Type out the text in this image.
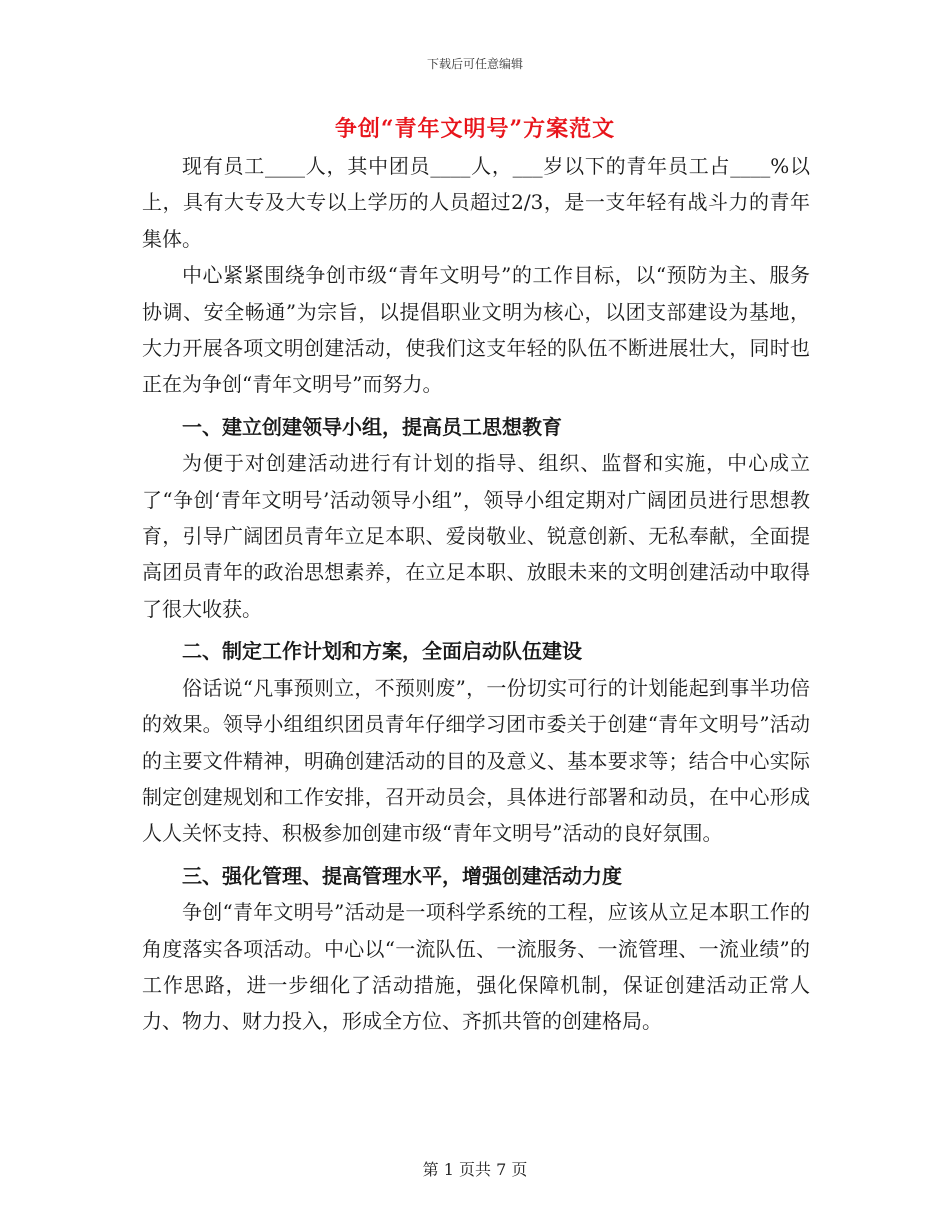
下载后可任意编辑
争创“青年文明号”方案范文

现有员工____人，其中团员____人，___岁以下的青年员工占____%以上，具有大专及大专以上学历的人员超过2/3，是一支年轻有战斗力的青年集体。

中心紧紧围绕争创市级“青年文明号”的工作目标，以“预防为主、服务协调、安全畅通”为宗旨，以提倡职业文明为核心，以团支部建设为基地，大力开展各项文明创建活动，使我们这支年轻的队伍不断进展壮大，同时也正在为争创“青年文明号”而努力。

一、建立创建领导小组，提高员工思想教育

为便于对创建活动进行有计划的指导、组织、监督和实施，中心成立了“争创‘青年文明号’活动领导小组”，领导小组定期对广阔团员进行思想教育，引导广阔团员青年立足本职、爱岗敬业、锐意创新、无私奉献，全面提高团员青年的政治思想素养，在立足本职、放眼未来的文明创建活动中取得了很大收获。

二、制定工作计划和方案，全面启动队伍建设

俗话说“凡事预则立，不预则废”，一份切实可行的计划能起到事半功倍的效果。领导小组组织团员青年仔细学习团市委关于创建“青年文明号”活动的主要文件精神，明确创建活动的目的及意义、基本要求等；结合中心实际制定创建规划和工作安排，召开动员会，具体进行部署和动员，在中心形成人人关怀支持、积极参加创建市级“青年文明号”活动的良好氛围。

三、强化管理、提高管理水平，增强创建活动力度

争创“青年文明号”活动是一项科学系统的工程，应该从立足本职工作的角度落实各项活动。中心以“一流队伍、一流服务、一流管理、一流业绩”的工作思路，进一步细化了活动措施，强化保障机制，保证创建活动正常人力、物力、财力投入，形成全方位、齐抓共管的创建格局。

第 1 页共 7 页
